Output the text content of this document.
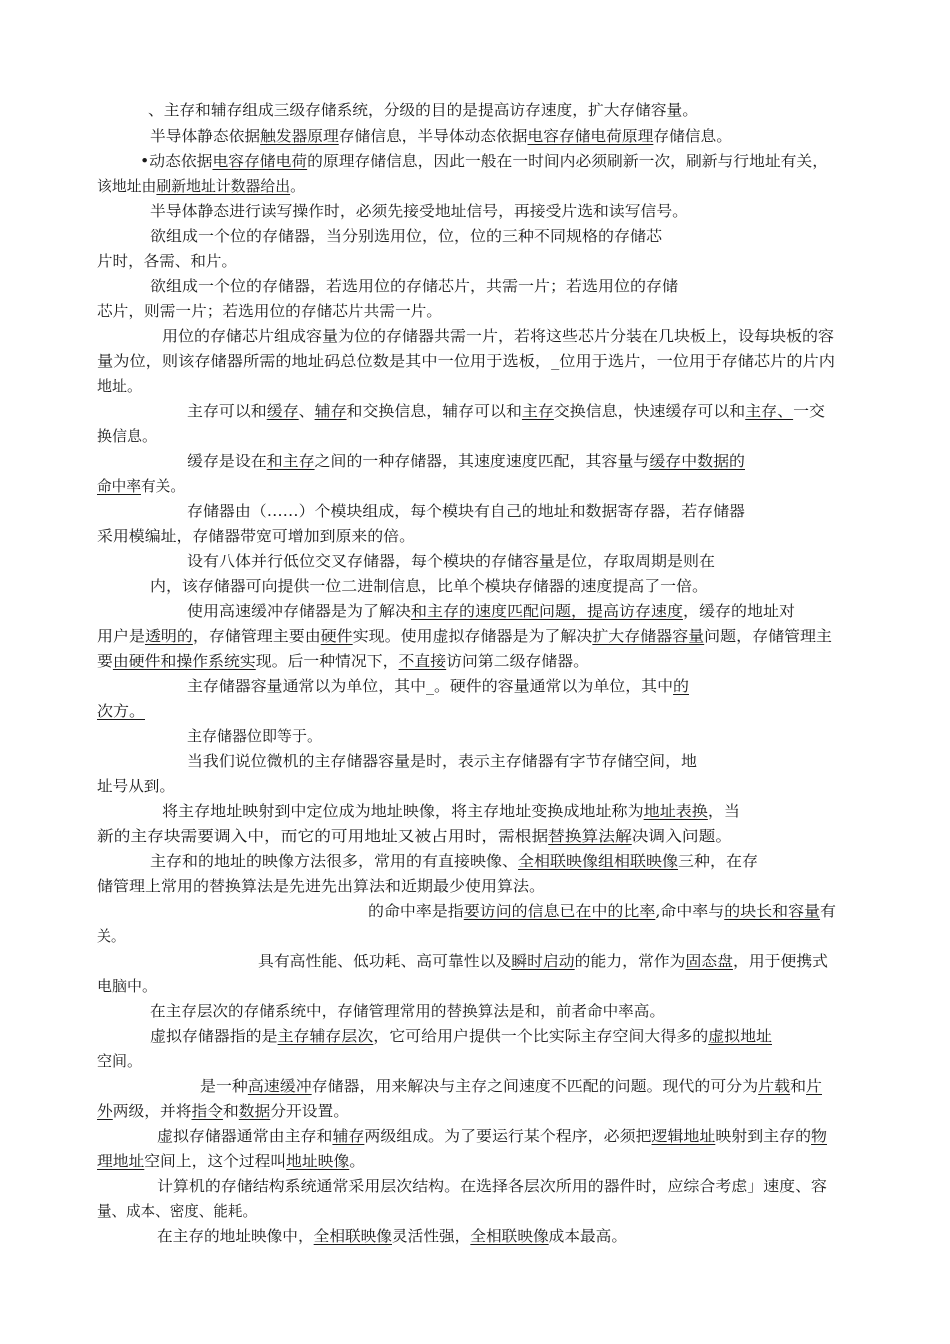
、主存和辅存组成三级存储系统，分级的目的是提高访存速度，扩大存储容量。
半导体静态依据触发器原理存储信息，半导体动态依据电容存储电荷原理存储信息。
•动态依据电容存储电荷的原理存储信息，因此一般在一时间内必须刷新一次，刷新与行地址有关，
该地址由刷新地址计数器给出。
半导体静态进行读写操作时，必须先接受地址信号，再接受片选和读写信号。
欲组成一个位的存储器，当分别选用位，位，位的三种不同规格的存储芯
片时，各需、和片。
欲组成一个位的存储器，若选用位的存储芯片，共需一片；若选用位的存储
芯片，则需一片；若选用位的存储芯片共需一片。
用位的存储芯片组成容量为位的存储器共需一片，若将这些芯片分装在几块板上，设每块板的容
量为位，则该存储器所需的地址码总位数是其中一位用于选板，_位用于选片，一位用于存储芯片的片内
地址。
主存可以和缓存、辅存和交换信息，辅存可以和主存交换信息，快速缓存可以和主存、一交
换信息。
缓存是设在和主存之间的一种存储器，其速度速度匹配，其容量与缓存中数据的
命中率有关。
存储器由（……）个模块组成，每个模块有自己的地址和数据寄存器，若存储器
采用模编址，存储器带宽可增加到原来的倍。
设有八体并行低位交叉存储器，每个模块的存储容量是位，存取周期是则在
内，该存储器可向提供一位二进制信息，比单个模块存储器的速度提高了一倍。
使用高速缓冲存储器是为了解决和主存的速度匹配问题，提高访存速度，缓存的地址对
用户是透明的，存储管理主要由硬件实现。使用虚拟存储器是为了解决扩大存储器容量问题，存储管理主
要由硬件和操作系统实现。后一种情况下，不直接访问第二级存储器。
主存储器容量通常以为单位，其中_。硬件的容量通常以为单位，其中的
次方。
主存储器位即等于。
当我们说位微机的主存储器容量是时，表示主存储器有字节存储空间，地
址号从到。
将主存地址映射到中定位成为地址映像，将主存地址变换成地址称为地址表换，当
新的主存块需要调入中，而它的可用地址又被占用时，需根据替换算法解决调入问题。
主存和的地址的映像方法很多，常用的有直接映像、全相联映像组相联映像三种，在存
储管理上常用的替换算法是先进先出算法和近期最少使用算法。
的命中率是指要访问的信息已在中的比率,命中率与的块长和容量有
关。
具有高性能、低功耗、高可靠性以及瞬时启动的能力，常作为固态盘，用于便携式
电脑中。
在主存层次的存储系统中，存储管理常用的替换算法是和，前者命中率高。
虚拟存储器指的是主存辅存层次，它可给用户提供一个比实际主存空间大得多的虚拟地址
空间。
是一种高速缓冲存储器，用来解决与主存之间速度不匹配的问题。现代的可分为片载和片
外两级，并将指令和数据分开设置。
虚拟存储器通常由主存和辅存两级组成。为了要运行某个程序，必须把逻辑地址映射到主存的物
理地址空间上，这个过程叫地址映像。
计算机的存储结构系统通常采用层次结构。在选择各层次所用的器件时，应综合考虑」速度、容
量、成本、密度、能耗。
在主存的地址映像中，全相联映像灵活性强，全相联映像成本最高。
